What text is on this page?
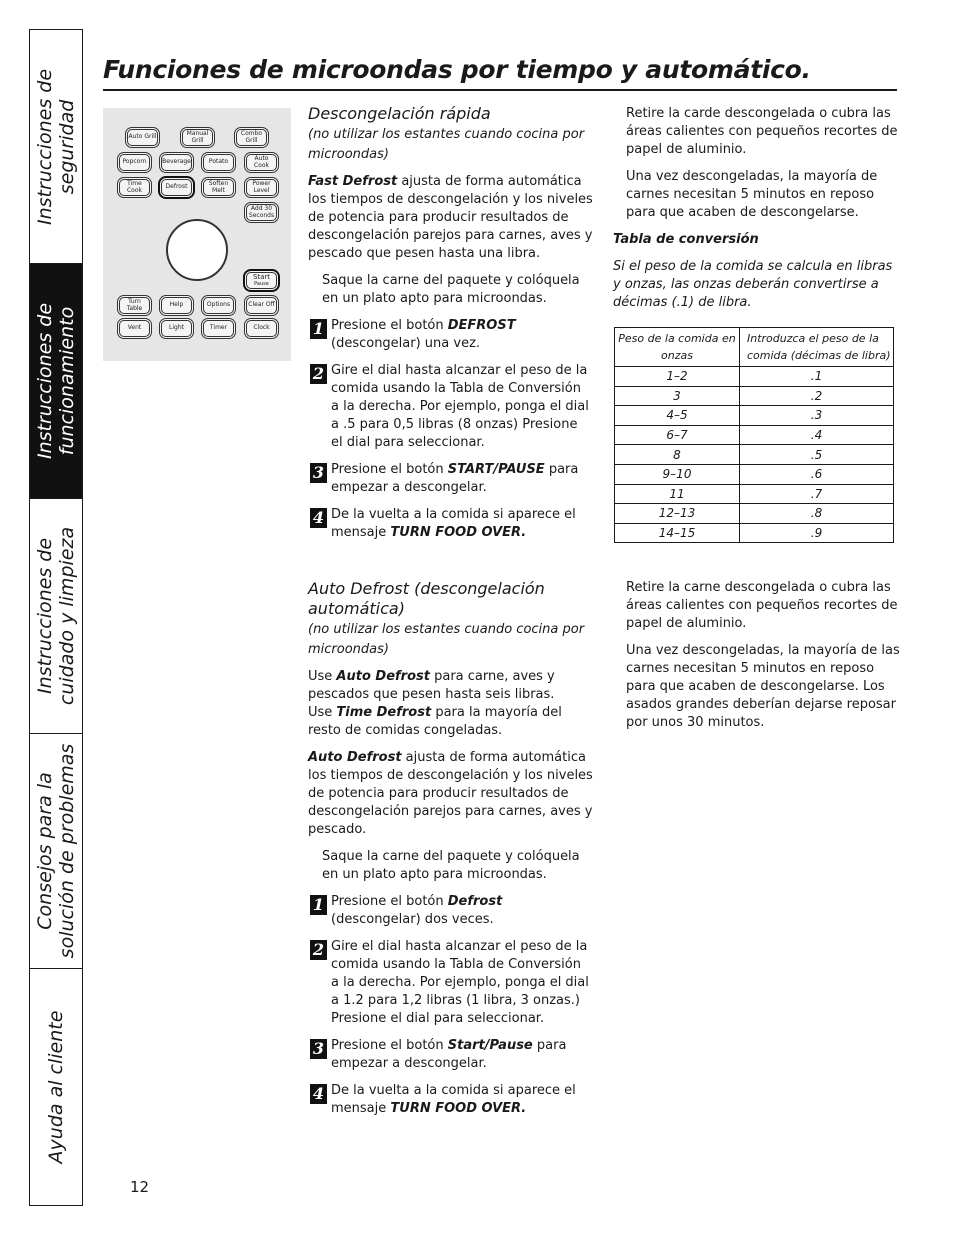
Instrucciones de seguridad
Instrucciones de funcionamiento
Instrucciones de cuidado y limpieza
Consejos para la solución de problemas
Ayuda al cliente
Funciones de microondas por tiempo y automático.
Auto Grill	Manual Grill
Combo Grill
Popcorn	Beverage	Potato	Auto Cook
Time Cook	Defrost	Soften Melt
Power Level
Add 30 Seconds
Start
Pause
Turn Table	Help	Options	Clear Off
Vent	Light	Timer	Clock

Descongelación rápida

(no utilizar los estantes cuando cocina por microondas)

Fast Defrost ajusta de forma automática los tiempos de descongelación y los niveles de potencia para producir resultados de descongelación parejos para carnes, aves y pescado que pesen hasta una libra.

Saque la carne del paquete y colóquela en un plato apto para microondas.

1 Presione el botón DEFROST (descongelar) una vez.
2 Gire el dial hasta alcanzar el peso de la comida usando la Tabla de Conversión a la derecha. Por ejemplo, ponga el dial a .5 para 0,5 libras (8 onzas) Presione el dial para seleccionar.
3 Presione el botón START/PAUSE para empezar a descongelar.
4 De la vuelta a la comida si aparece el mensaje TURN FOOD OVER.

Retire la carde descongelada o cubra las áreas calientes con pequeños recortes de papel de aluminio.

Una vez descongeladas, la mayoría de carnes necesitan 5 minutos en reposo para que acaben de descongelarse.

Tabla de conversión

Si el peso de la comida se calcula en libras y onzas, las onzas deberán convertirse a décimas (.1) de libra.

Peso de la comida en onzas	Introduzca el peso de la comida (décimas de libra)
1–2	.1
3	.2
4–5	.3
6–7	.4
8	.5
9–10	.6
11	.7
12–13	.8
14–15	.9

Auto Defrost (descongelación automática)

(no utilizar los estantes cuando cocina por microondas)

Use Auto Defrost para carne, aves y pescados que pesen hasta seis libras.
Use Time Defrost para la mayoría del resto de comidas congeladas.

Auto Defrost ajusta de forma automática los tiempos de descongelación y los niveles de potencia para producir resultados de descongelación parejos para carnes, aves y pescado.

Saque la carne del paquete y colóquela en un plato apto para microondas.

1 Presione el botón Defrost (descongelar) dos veces.
2 Gire el dial hasta alcanzar el peso de la comida usando la Tabla de Conversión a la derecha. Por ejemplo, ponga el dial a 1.2 para 1,2 libras (1 libra, 3 onzas.) Presione el dial para seleccionar.
3 Presione el botón Start/Pause para empezar a descongelar.
4 De la vuelta a la comida si aparece el mensaje TURN FOOD OVER.

Retire la carne descongelada o cubra las áreas calientes con pequeños recortes de papel de aluminio.

Una vez descongeladas, la mayoría de las carnes necesitan 5 minutos en reposo para que acaben de descongelarse. Los asados grandes deberían dejarse reposar por unos 30 minutos.

12
